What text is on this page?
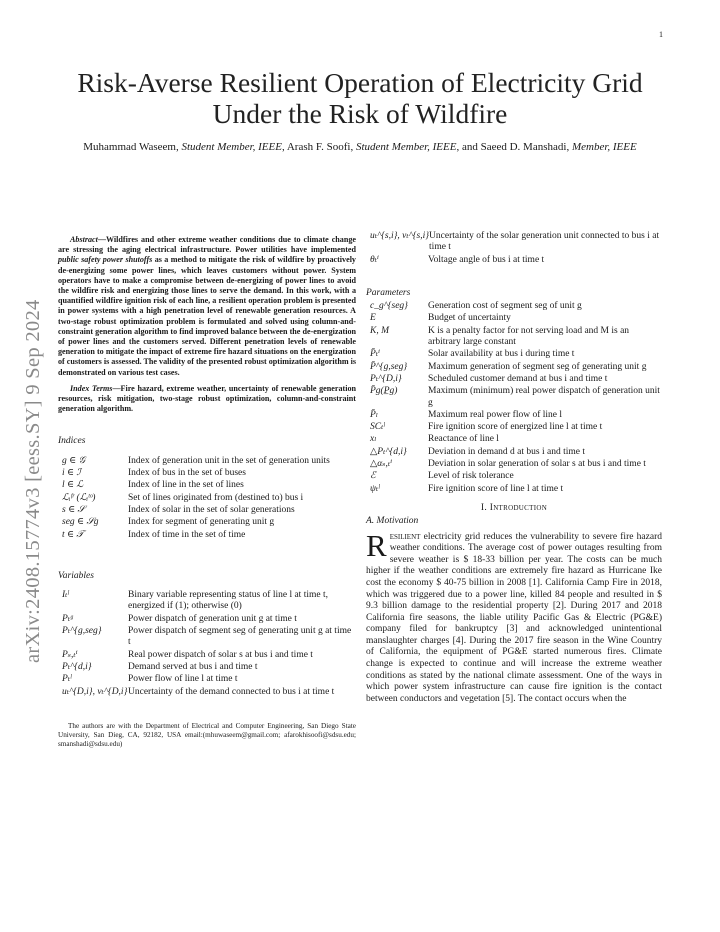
1
arXiv:2408.15774v3 [eess.SY] 9 Sep 2024
Risk-Averse Resilient Operation of Electricity Grid Under the Risk of Wildfire
Muhammad Waseem, Student Member, IEEE, Arash F. Soofi, Student Member, IEEE, and Saeed D. Manshadi, Member, IEEE

Abstract—Wildfires and other extreme weather conditions due to climate change are stressing the aging electrical infrastructure. Power utilities have implemented public safety power shutoffs as a method to mitigate the risk of wildfire by proactively de-energizing some power lines, which leaves customers without power. System operators have to make a compromise between de-energizing of power lines to avoid the wildfire risk and energizing those lines to serve the demand. In this work, with a quantified wildfire ignition risk of each line, a resilient operation problem is presented in power systems with a high penetration level of renewable generation resources. A two-stage robust optimization problem is formulated and solved using column-and-constraint generation algorithm to find improved balance between the de-energization of power lines and the customers served. Different penetration levels of renewable generation to mitigate the impact of extreme fire hazard situations on the energization of customers is assessed. The validity of the presented robust optimization algorithm is demonstrated on various test cases.

Index Terms—Fire hazard, extreme weather, uncertainty of renewable generation resources, risk mitigation, two-stage robust optimization, column-and-constraint generation algorithm.

Indices

g ∈ 𝒢	Index of generation unit in the set of generation units
i ∈ ℐ	Index of bus in the set of buses
l ∈ ℒ	Index of line in the set of lines
ℒᵢᶠʳ (ℒᵢᵗᵒ)	Set of lines originated from (destined to) bus i
s ∈ 𝒮	Index of solar in the set of solar generations
seg ∈ 𝒮g	Index for segment of generating unit g
t ∈ 𝒯	Index of time in the set of time

Variables

Iₜˡ	Binary variable representing status of line l at time t, energized if (1); otherwise (0)
Pₜᵍ	Power dispatch of generation unit g at time t
Pₜ^{g,seg}	Power dispatch of segment seg of generating unit g at time t
Pₛ,ₜⁱ	Real power dispatch of solar s at bus i and time t
Pₜ^{d,i}	Demand served at bus i and time t
Pₜˡ	Power flow of line l at time t
uₜ^{D,i}, vₜ^{D,i} Uncertainty of the demand connected to bus i at time t
The authors are with the Department of Electrical and Computer Engineering, San Diego State University, San Dieg, CA, 92182, USA email:(mhuwaseem@gmail.com; afarokhisoofi@sdsu.edu; smanshadi@sdsu.edu)
uₜ^{s,i}, vₜ^{s,i} Uncertainty of the solar generation unit connected to bus i at time t
θₜⁱ	Voltage angle of bus i at time t

Parameters

c_g^{seg}	Generation cost of segment seg of unit g
E	Budget of uncertainty
K, M	K is a penalty factor for not serving load and M is an arbitrary large constant
P̄ₜⁱ	Solar availability at bus i during time t
P̄^{g,seg}	Maximum generation of segment seg of generating unit g
Pₜ^{D,i}	Scheduled customer demand at bus i and time t
P̄g(P̲g)	Maximum (minimum) real power dispatch of generation unit g
P̄ₗ	Maximum real power flow of line l
SCₜˡ	Fire ignition score of energized line l at time t
xₗ	Reactance of line l
△Pₜ^{d,i}	Deviation in demand d at bus i and time t
△αₛ,ₜⁱ	Deviation in solar generation of solar s at bus i and time t
ℰ	Level of risk tolerance
ψₜˡ	Fire ignition score of line l at time t

I. Introduction

A. Motivation

Resilient electricity grid reduces the vulnerability to severe fire hazard weather conditions. The average cost of power outages resulting from severe weather is $ 18-33 billion per year. The costs can be much higher if the weather conditions are extremely fire hazard as Hurricane Ike cost the economy $ 40-75 billion in 2008 [1]. California Camp Fire in 2018, which was triggered due to a power line, killed 84 people and resulted in $ 9.3 billion damage to the residential property [2]. During 2017 and 2018 California fire seasons, the liable utility Pacific Gas & Electric (PG&E) company filed for bankruptcy [3] and acknowledged unintentional manslaughter charges [4]. During the 2017 fire season in the Wine Country of California, the equipment of PG&E started numerous fires. Climate change is expected to continue and will increase the extreme weather conditions as stated by the national climate assessment. One of the ways in which power system infrastructure can cause fire ignition is the contact between conductors and vegetation [5]. The contact occurs when the
